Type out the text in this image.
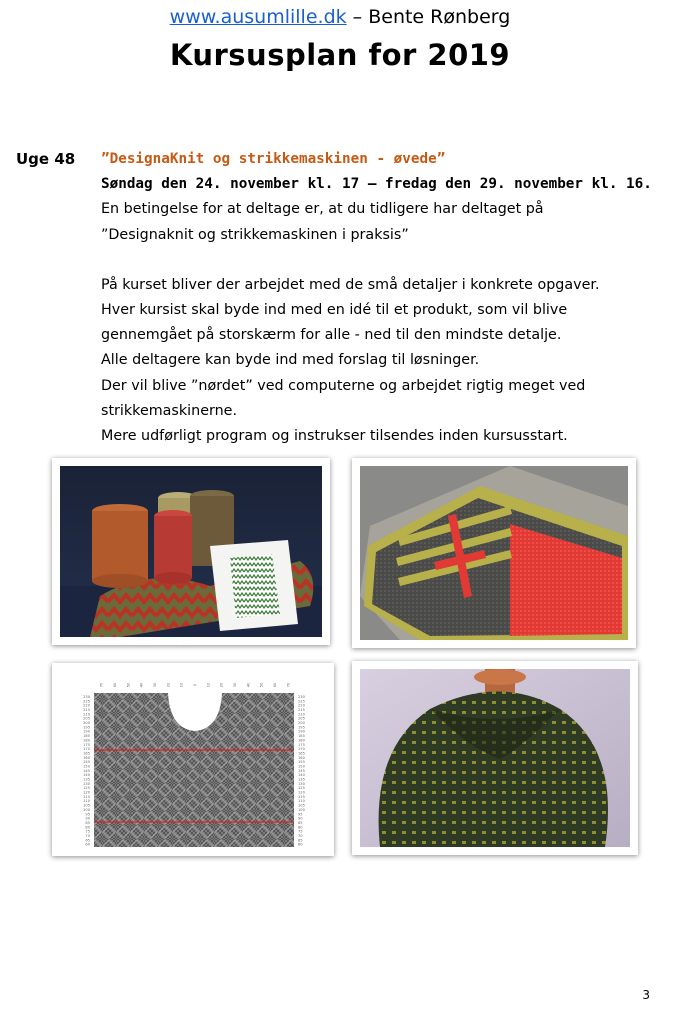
www.ausumlille.dk – Bente Rønberg
Kursusplan for 2019
Uge 48 ”DesignaKnit og strikkemaskinen - øvede”

Søndag den 24. november kl. 17 – fredag den 29. november kl. 16.

En betingelse for at deltage er, at du tidligere har deltaget på

”Designaknit og strikkemaskinen i praksis”

På kurset bliver der arbejdet med de små detaljer i konkrete opgaver.

Hver kursist skal byde ind med en idé til et produkt, som vil blive

gennemgået på storskærm for alle - ned til den mindste detalje.

Alle deltagere kan byde ind med forslag til løsninger.

Der vil blive ”nørdet” ved computerne og arbejdet rigtig meget ved

strikkemaskinerne.

Mere udførligt program og instrukser tilsendes inden kursusstart.

230
225
220
215
210
205
200
195
190
185
180
175
170
165
160
155
150
145
140
135
130
125
120
115
110
105
100
95
90
85
80
75
70
65
60
230
225
220
215
210
205
200
195
190
185
180
175
170
165
160
155
150
145
140
135
130
125
120
115
110
105
100
95
90
85
80
75
70
65
60
70	60	50	40	30	20	10	0	10	20	30	40	50	60	70
3
